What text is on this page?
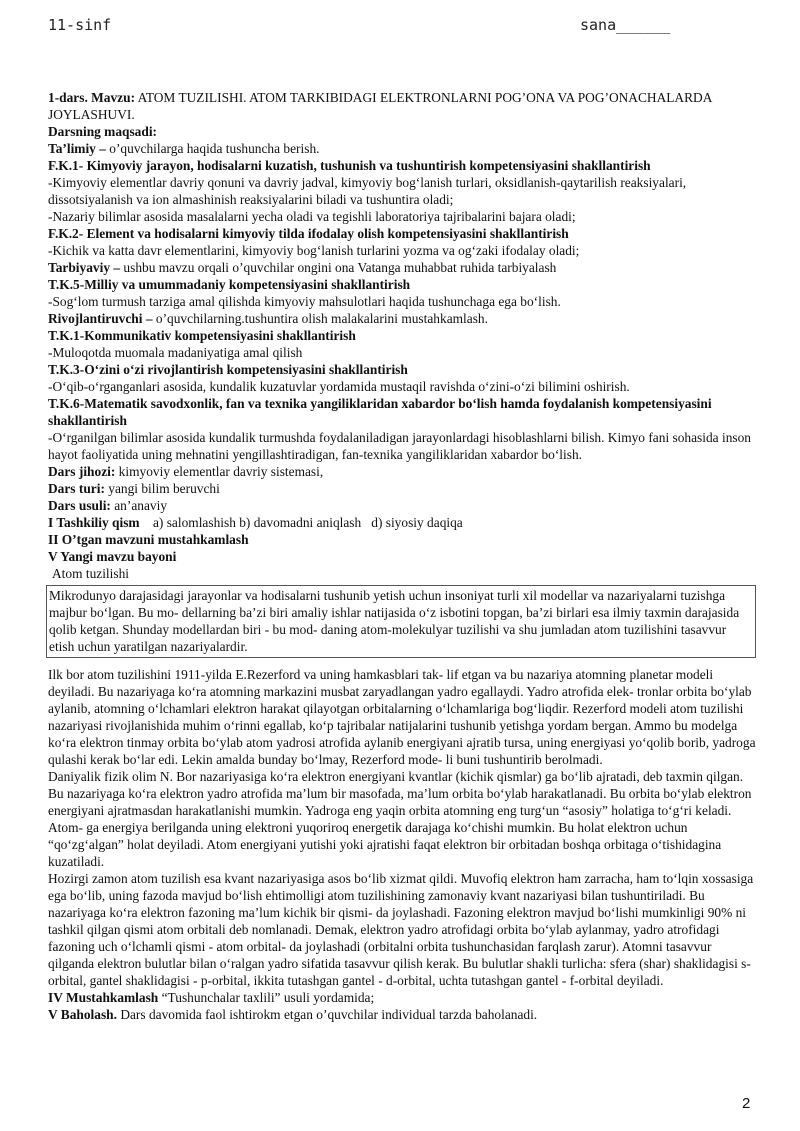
11-sinf	sana______

1-dars. Mavzu: ATOM TUZILISHI. ATOM TARKIBIDAGI ELEKTRONLARNI POG’ONA VA POG’ONACHALARDA JOYLASHUVI.

Darsning maqsadi:

Ta’limiy – o’quvchilarga haqida tushuncha berish.

F.K.1- Kimyoviy jarayon, hodisalarni kuzatish, tushunish va tushuntirish kompetensiyasini shakllantirish

-Kimyoviy elementlar davriy qonuni va davriy jadval, kimyoviy bog‘lanish turlari, oksidlanish-qaytarilish reaksiyalari, dissotsiyalanish va ion almashinish reaksiyalarini biladi va tushuntira oladi;

-Nazariy bilimlar asosida masalalarni yecha oladi va tegishli laboratoriya tajribalarini bajara oladi;

F.K.2- Element va hodisalarni kimyoviy tilda ifodalay olish kompetensiyasini shakllantirish

-Kichik va katta davr elementlarini, kimyoviy bog‘lanish turlarini yozma va og‘zaki ifodalay oladi;

Tarbiyaviy – ushbu mavzu orqali o’quvchilar ongini ona Vatanga muhabbat ruhida tarbiyalash

T.K.5-Milliy va umummadaniy kompetensiyasini shakllantirish

-Sog‘lom turmush tarziga amal qilishda kimyoviy mahsulotlari haqida tushunchaga ega bo‘lish.

Rivojlantiruvchi – o’quvchilarning.tushuntira olish malakalarini mustahkamlash.

T.K.1-Kommunikativ kompetensiyasini shakllantirish

-Muloqotda muomala madaniyatiga amal qilish

T.K.3-O‘zini o‘zi rivojlantirish kompetensiyasini shakllantirish

-O‘qib-o‘rganganlari asosida, kundalik kuzatuvlar yordamida mustaqil ravishda o‘zini-o‘zi bilimini oshirish.

T.K.6-Matematik savodxonlik, fan va texnika yangiliklaridan xabardor bo‘lish hamda foydalanish kompetensiyasini shakllantirish

-O‘rganilgan bilimlar asosida kundalik turmushda foydalaniladigan jarayonlardagi hisoblashlarni bilish. Kimyo fani sohasida inson hayot faoliyatida uning mehnatini yengillashtiradigan, fan-texnika yangiliklaridan xabardor bo‘lish.

Dars jihozi: kimyoviy elementlar davriy sistemasi,

Dars turi: yangi bilim beruvchi

Dars usuli: an’anaviy

I Tashkiliy qism    a) salomlashish b) davomadni aniqlash   d) siyosiy daqiqa

II O’tgan mavzuni mustahkamlash

V Yangi mavzu bayoni

Atom tuzilishi

Mikrodunyo darajasidagi jarayonlar va hodisalarni tushunib yetish uchun insoniyat turli xil modellar va nazariyalarni tuzishga majbur bo‘lgan. Bu mo- dellarning ba’zi biri amaliy ishlar natijasida o‘z isbotini topgan, ba’zi birlari esa ilmiy taxmin darajasida qolib ketgan. Shunday modellardan biri - bu mod- daning atom-molekulyar tuzilishi va shu jumladan atom tuzilishini tasavvur etish uchun yaratilgan nazariyalardir.

Ilk bor atom tuzilishini 1911-yilda E.Rezerford va uning hamkasblari tak- lif etgan va bu nazariya atomning planetar modeli deyiladi. Bu nazariyaga ko‘ra atomning markazini musbat zaryadlangan yadro egallaydi. Yadro atrofida elek- tronlar orbita bo‘ylab aylanib, atomning o‘lchamlari elektron harakat qilayotgan orbitalarning o‘lchamlariga bog‘liqdir. Rezerford modeli atom tuzilishi nazariyasi rivojlanishida muhim o‘rinni egallab, ko‘p tajribalar natijalarini tushunib yetishga yordam bergan. Ammo bu modelga ko‘ra elektron tinmay orbita bo‘ylab atom yadrosi atrofida aylanib energiyani ajratib tursa, uning energiyasi yo‘qolib borib, yadroga qulashi kerak bo‘lar edi. Lekin amalda bunday bo‘lmay, Rezerford mode- li buni tushuntirib berolmadi.

Daniyalik fizik olim N. Bor nazariyasiga ko‘ra elektron energiyani kvantlar (kichik qismlar) ga bo‘lib ajratadi, deb taxmin qilgan. Bu nazariyaga ko‘ra elektron yadro atrofida ma’lum bir masofada, ma’lum orbita bo‘ylab harakatlanadi. Bu orbita bo‘ylab elektron energiyani ajratmasdan harakatlanishi mumkin. Yadroga eng yaqin orbita atomning eng turg‘un “asosiy” holatiga to‘g‘ri keladi. Atom- ga energiya berilganda uning elektroni yuqoriroq energetik darajaga ko‘chishi mumkin. Bu holat elektron uchun “qo‘zg‘algan” holat deyiladi. Atom energiyani yutishi yoki ajratishi faqat elektron bir orbitadan boshqa orbitaga o‘tishidagina kuzatiladi.

Hozirgi zamon atom tuzilish esa kvant nazariyasiga asos bo‘lib xizmat qildi. Muvofiq elektron ham zarracha, ham to‘lqin xossasiga ega bo‘lib, uning fazoda mavjud bo‘lish ehtimolligi atom tuzilishining zamonaviy kvant nazariyasi bilan tushuntiriladi. Bu nazariyaga ko‘ra elektron fazoning ma’lum kichik bir qismi- da joylashadi. Fazoning elektron mavjud bo‘lishi mumkinligi 90% ni tashkil qilgan qismi atom orbitali deb nomlanadi. Demak, elektron yadro atrofidagi orbita bo‘ylab aylanmay, yadro atrofidagi fazoning uch o‘lchamli qismi - atom orbital- da joylashadi (orbitalni orbita tushunchasidan farqlash zarur). Atomni tasavvur qilganda elektron bulutlar bilan o‘ralgan yadro sifatida tasavvur qilish kerak. Bu bulutlar shakli turlicha: sfera (shar) shaklidagisi s-orbital, gantel shaklidagisi - p-orbital, ikkita tutashgan gantel - d-orbital, uchta tutashgan gantel - f-orbital deyiladi.

IV Mustahkamlash “Tushunchalar taxlili” usuli yordamida;

V Baholash. Dars davomida faol ishtirokm etgan o’quvchilar individual tarzda baholanadi.

2
